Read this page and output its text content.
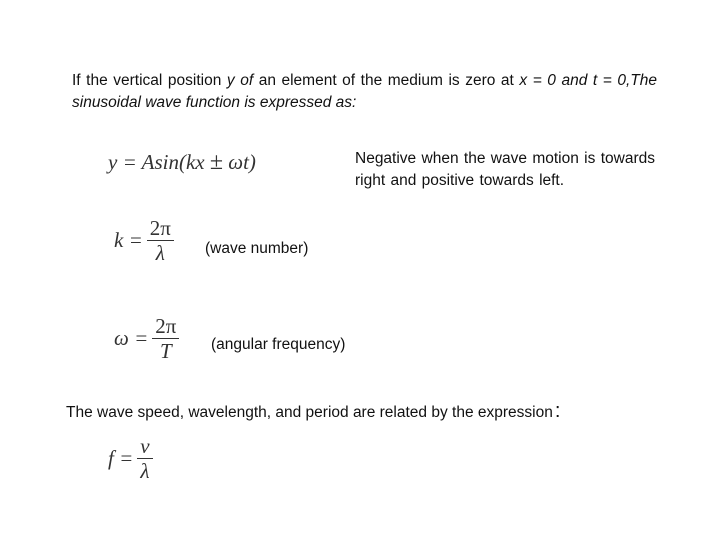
If the vertical position y of an element of the medium is zero at x = 0 and t = 0,The sinusoidal wave function is expressed as:
y = Asin(kx ± ωt)	Negative when the wave motion is towards right and positive towards left.
$k = \frac{2\pi}{\lambda}$ (wave number)
$\omega = \frac{2\pi}{T}$ (angular frequency)
The wave speed, wavelength, and period are related by the expression :
$f = \frac{v}{\lambda}$
